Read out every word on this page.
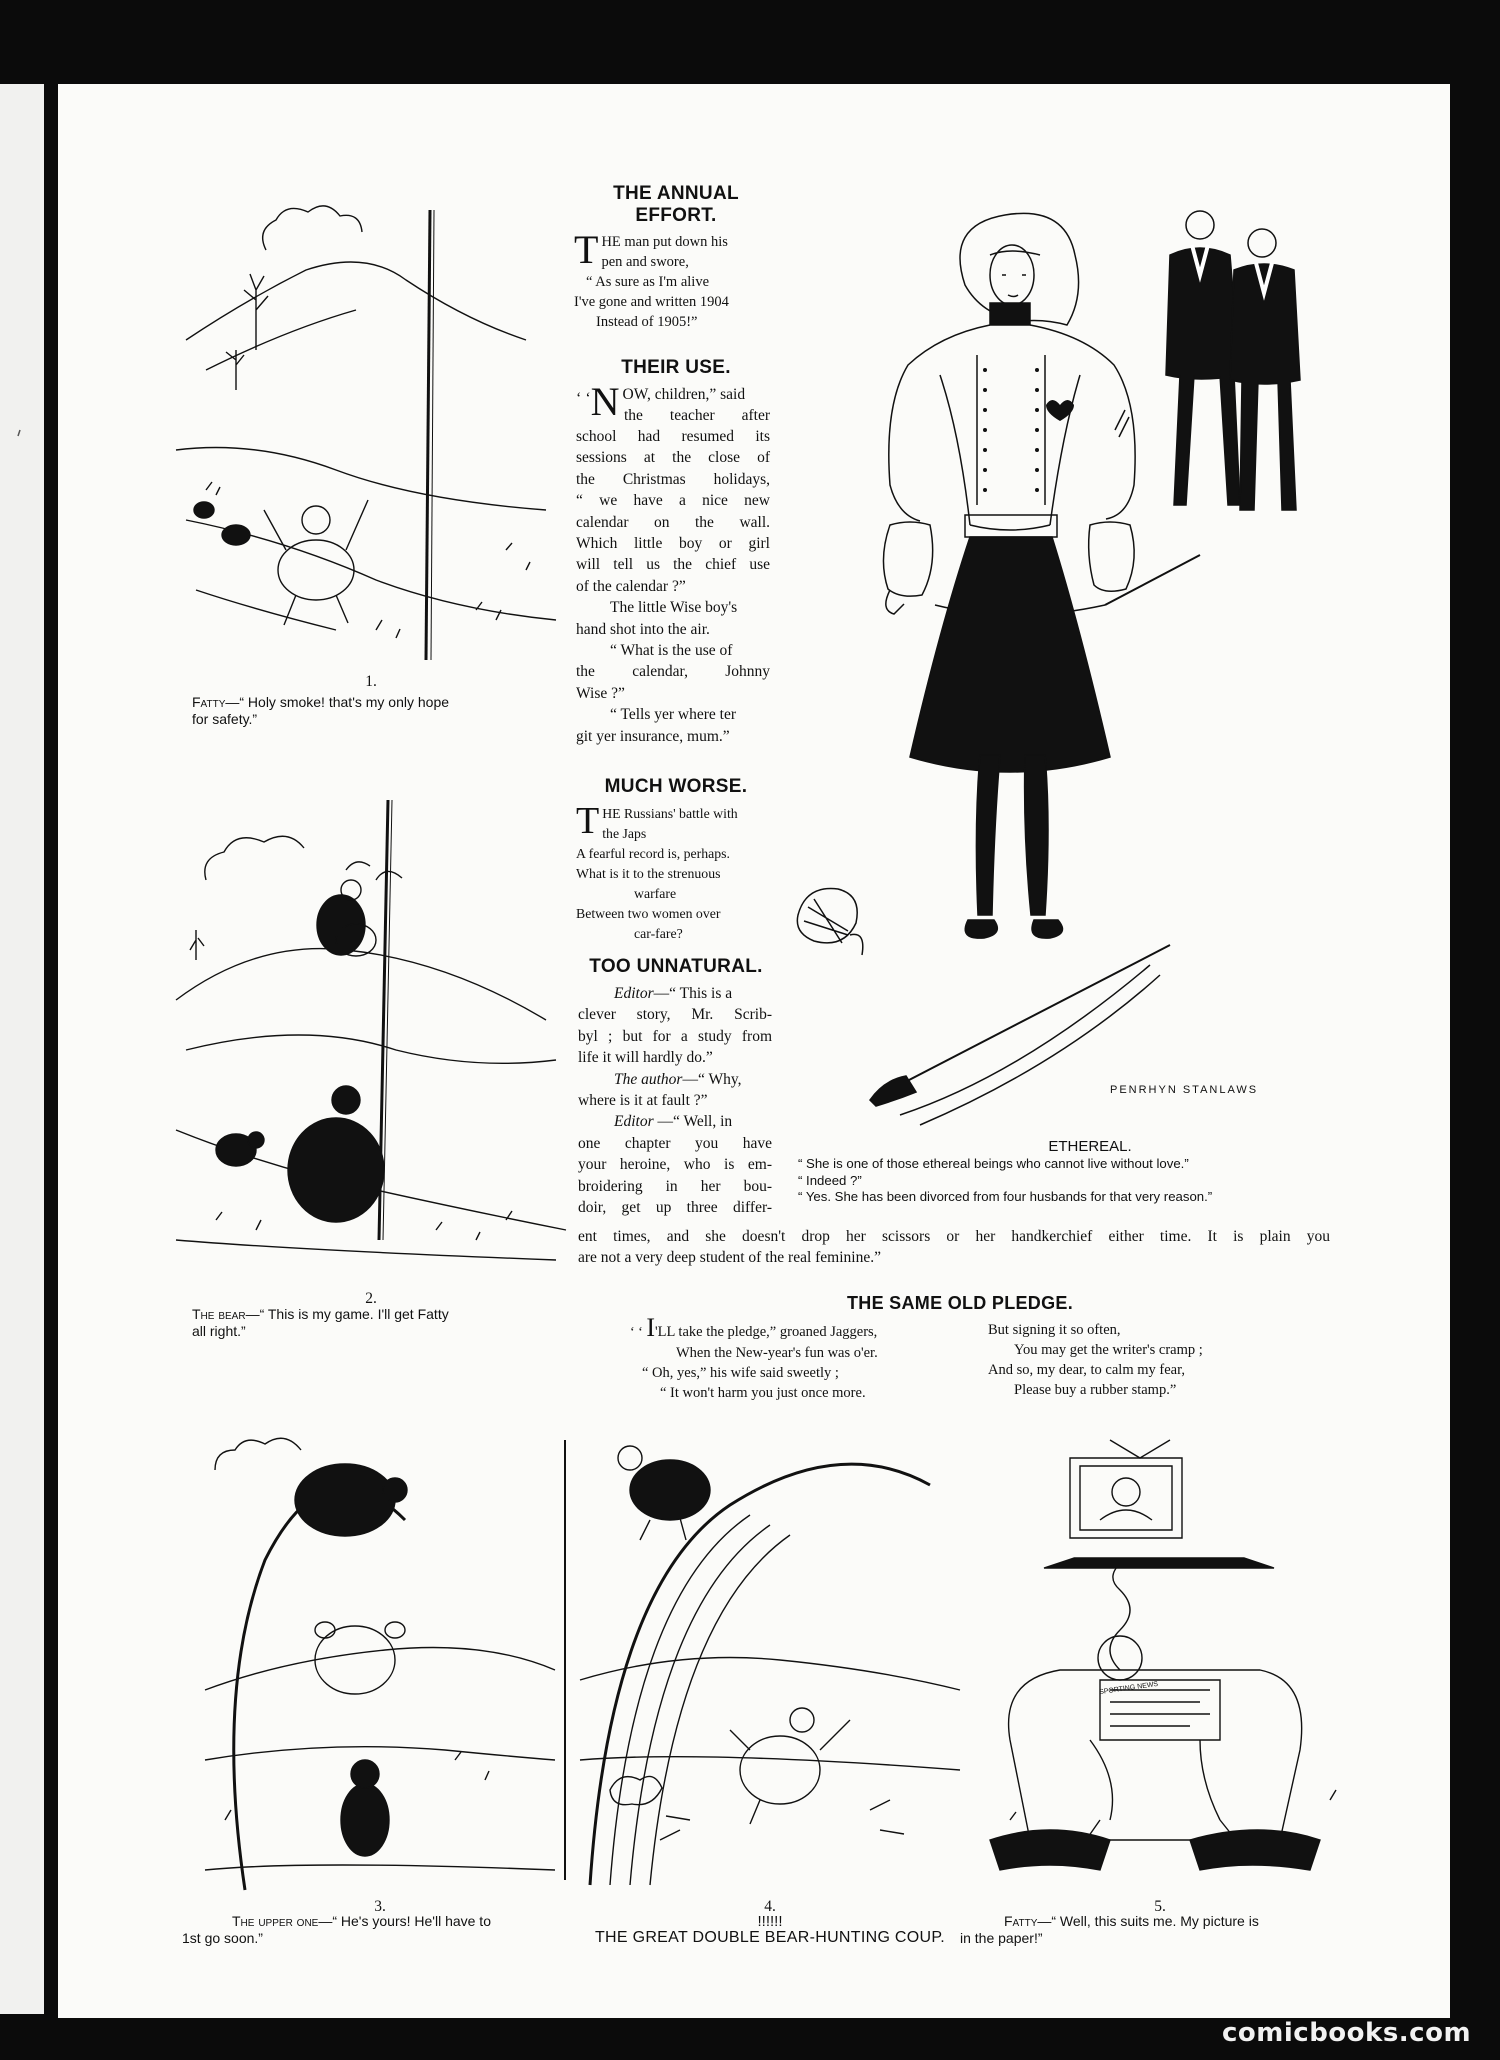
1.
Fatty—“ Holy smoke! that's my only hope
for safety.”
2.
The bear—“ This is my game. I'll get Fatty
all right.”
THE ANNUAL
EFFORT.
T HE man put down his
pen and swore,
“ As sure as I'm alive
I've gone and written 1904
Instead of 1905!”
THEIR USE.
‘ ‘ N OW, children,” said

the teacher after
school had resumed its
sessions at the close of
the Christmas holidays,
“ we have a nice new
calendar on the wall.
Which little boy or girl
will tell us the chief use
of the calendar ?”
The little Wise boy's
hand shot into the air.
“ What is the use of
the calendar, Johnny
Wise ?”
“ Tells yer where ter
git yer insurance, mum.”
MUCH WORSE.
T HE Russians' battle with
the Japs
A fearful record is, perhaps.
What is it to the strenuous
warfare
Between two women over
car-fare?
TOO UNNATURAL.
Editor—“ This is a
clever story, Mr. Scrib-
byl ; but for a study from
life it will hardly do.”
The author—“ Why,
where is it at fault ?”
Editor —“ Well, in
one chapter you have
your heroine, who is em-
broidering in her bou-
doir, get up three differ-
ent times, and she doesn't drop her scissors or her handkerchief either time. It is plain you
are not a very deep student of the real feminine.”
PENRHYN STANLAWS
ETHEREAL.
“ She is one of those ethereal beings who cannot live without love.”
“ Indeed ?”
“ Yes. She has been divorced from four husbands for that very reason.”
THE SAME OLD PLEDGE.
‘ ‘ I'LL take the pledge,” groaned Jaggers,
When the New-year's fun was o'er.
“ Oh, yes,” his wife said sweetly ;
“ It won't harm you just once more.
But signing it so often,
You may get the writer's cramp ;
And so, my dear, to calm my fear,
Please buy a rubber stamp.”
3.
The upper one—“ He's yours! He'll have to
1st go soon.”
4.
!!!!!!
SPORTING NEWS
5.
Fatty—“ Well, this suits me. My picture is
in the paper!”
THE GREAT DOUBLE BEAR-HUNTING COUP.
comicbooks.com
